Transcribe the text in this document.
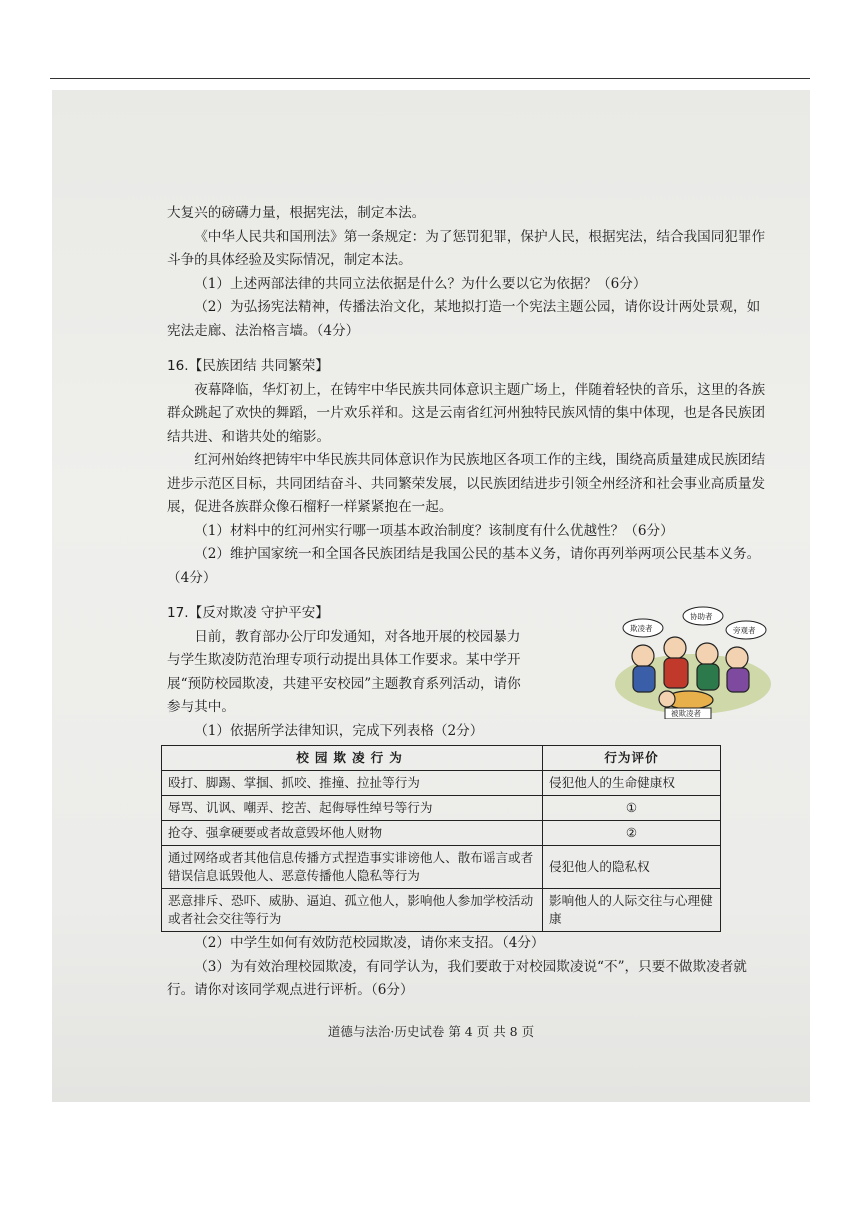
大复兴的磅礴力量，根据宪法，制定本法。

《中华人民共和国刑法》第一条规定：为了惩罚犯罪，保护人民，根据宪法，结合我国同犯罪作斗争的具体经验及实际情况，制定本法。

（1）上述两部法律的共同立法依据是什么？为什么要以它为依据？（6分）

（2）为弘扬宪法精神，传播法治文化，某地拟打造一个宪法主题公园，请你设计两处景观，如宪法走廊、法治格言墙。（4分）

16.【民族团结 共同繁荣】

夜幕降临，华灯初上，在铸牢中华民族共同体意识主题广场上，伴随着轻快的音乐，这里的各族群众跳起了欢快的舞蹈，一片欢乐祥和。这是云南省红河州独特民族风情的集中体现，也是各民族团结共进、和谐共处的缩影。

红河州始终把铸牢中华民族共同体意识作为民族地区各项工作的主线，围绕高质量建成民族团结进步示范区目标，共同团结奋斗、共同繁荣发展，以民族团结进步引领全州经济和社会事业高质量发展，促进各族群众像石榴籽一样紧紧抱在一起。

（1）材料中的红河州实行哪一项基本政治制度？该制度有什么优越性？（6分）

（2）维护国家统一和全国各民族团结是我国公民的基本义务，请你再列举两项公民基本义务。（4分）

17.【反对欺凌 守护平安】

日前，教育部办公厅印发通知，对各地开展的校园暴力与学生欺凌防范治理专项行动提出具体工作要求。某中学开展“预防校园欺凌，共建平安校园”主题教育系列活动，请你参与其中。

（1）依据所学法律知识，完成下列表格（2分）

欺凌者
协助者
旁观者
被欺凌者
校园欺凌行为	行为评价
殴打、脚踢、掌掴、抓咬、推撞、拉扯等行为	侵犯他人的生命健康权
辱骂、讥讽、嘲弄、挖苦、起侮辱性绰号等行为	①
抢夺、强拿硬要或者故意毁坏他人财物	②
通过网络或者其他信息传播方式捏造事实诽谤他人、散布谣言或者错误信息诋毁他人、恶意传播他人隐私等行为	侵犯他人的隐私权
恶意排斥、恐吓、威胁、逼迫、孤立他人，影响他人参加学校活动或者社会交往等行为	影响他人的人际交往与心理健康

（2）中学生如何有效防范校园欺凌，请你来支招。（4分）

（3）为有效治理校园欺凌，有同学认为，我们要敢于对校园欺凌说“不”，只要不做欺凌者就行。请你对该同学观点进行评析。（6分）

道德与法治·历史试卷 第 4 页 共 8 页
